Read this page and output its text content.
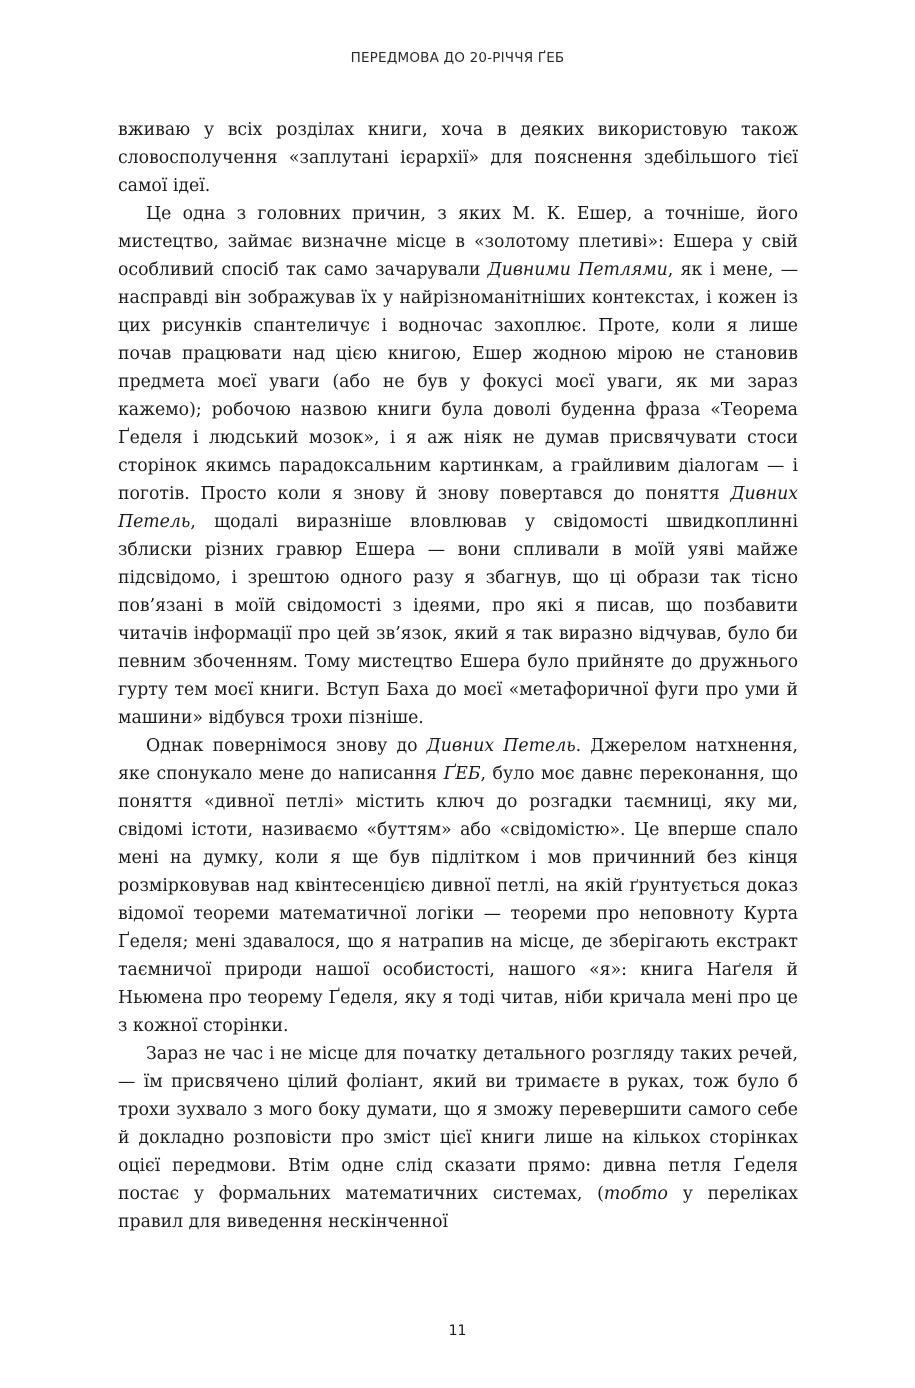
ПЕРЕДМОВА ДО 20-РІЧЧЯ ҐЕБ

вживаю у всіх розділах книги, хоча в деяких використовую також словосполучення «заплутані ієрархії» для пояснення здебільшого тієї самої ідеї.

Це одна з головних причин, з яких М. К. Ешер, а точніше, його мистецтво, займає визначне місце в «золотому плетиві»: Ешера у свій особливий спосіб так само зачарували Дивними Петлями, як і мене, — насправді він зображував їх у найрізноманітніших контекстах, і кожен із цих рисунків спантеличує і водночас захоплює. Проте, коли я лише почав працювати над цією книгою, Ешер жодною мірою не становив предмета моєї уваги (або не був у фокусі моєї уваги, як ми зараз кажемо); робочою назвою книги була доволі буденна фраза «Теорема Ґеделя і людський мозок», і я аж ніяк не думав присвячувати стоси сторінок якимсь парадоксальним картинкам, а грайливим діалогам — і поготів. Просто коли я знову й знову повертався до поняття Дивних Петель, щодалі виразніше вловлював у свідомості швидкоплинні зблиски різних гравюр Ешера — вони спливали в моїй уяві майже підсвідомо, і зрештою одного разу я збагнув, що ці образи так тісно пов’язані в моїй свідомості з ідеями, про які я писав, що позбавити читачів інформації про цей зв’язок, який я так виразно відчував, було би певним збоченням. Тому мистецтво Ешера було прийняте до дружнього гурту тем моєї книги. Вступ Баха до моєї «метафоричної фуги про уми й машини» відбувся трохи пізніше.

Однак повернімося знову до Дивних Петель. Джерелом натхнення, яке спонукало мене до написання ҐЕБ, було моє давнє переконання, що поняття «дивної петлі» містить ключ до розгадки таємниці, яку ми, свідомі істоти, називаємо «буттям» або «свідомістю». Це вперше спало мені на думку, коли я ще був підлітком і мов причинний без кінця розмірковував над квінтесенцією дивної петлі, на якій ґрунтується доказ відомої теореми математичної логіки — теореми про неповноту Курта Ґеделя; мені здавалося, що я натрапив на місце, де зберігають екстракт таємничої природи нашої особистості, нашого «я»: книга Наґеля й Ньюмена про теорему Ґеделя, яку я тоді читав, ніби кричала мені про це з кожної сторінки.

Зараз не час і не місце для початку детального розгляду таких речей, — їм присвячено цілий фоліант, який ви тримаєте в руках, тож було б трохи зухвало з мого боку думати, що я зможу перевершити самого себе й докладно розповісти про зміст цієї книги лише на кількох сторінках оцієї передмови. Втім одне слід сказати прямо: дивна петля Ґеделя постає у формальних математичних системах, (тобто у переліках правил для виведення нескінченної

11
